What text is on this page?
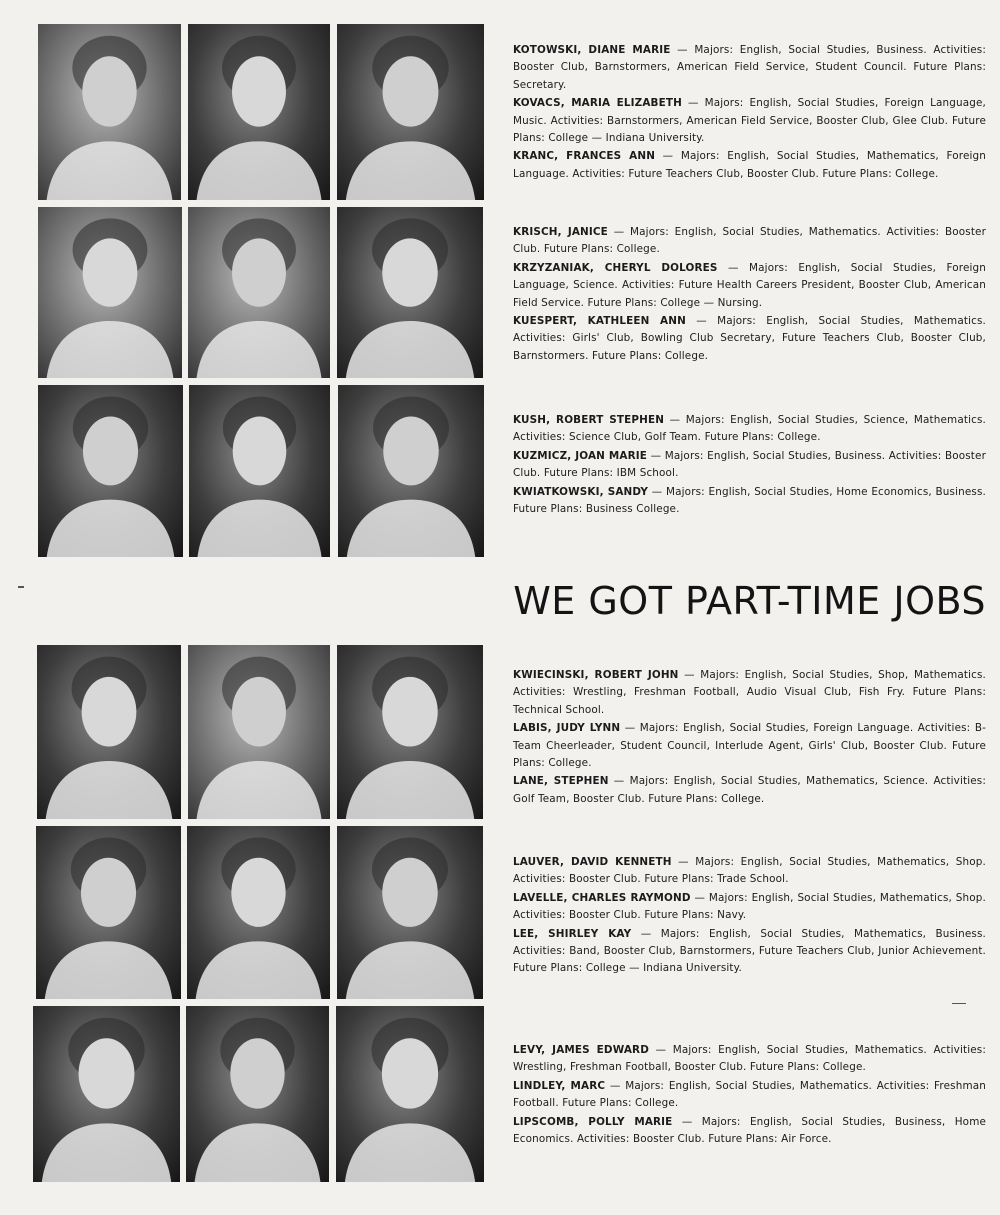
KOTOWSKI, DIANE MARIE — Majors: English, Social Studies, Business. Activities: Booster Club, Barnstormers, American Field Service, Student Council. Future Plans: Secretary.
KOVACS, MARIA ELIZABETH — Majors: English, Social Studies, Foreign Language, Music. Activities: Barnstormers, American Field Service, Booster Club, Glee Club. Future Plans: College — Indiana University.
KRANC, FRANCES ANN — Majors: English, Social Studies, Mathematics, Foreign Language. Activities: Future Teachers Club, Booster Club. Future Plans: College.
KRISCH, JANICE — Majors: English, Social Studies, Mathematics. Activities: Booster Club. Future Plans: College.
KRZYZANIAK, CHERYL DOLORES — Majors: English, Social Studies, Foreign Language, Science. Activities: Future Health Careers President, Booster Club, American Field Service. Future Plans: College — Nursing.
KUESPERT, KATHLEEN ANN — Majors: English, Social Studies, Mathematics. Activities: Girls' Club, Bowling Club Secretary, Future Teachers Club, Booster Club, Barnstormers. Future Plans: College.
KUSH, ROBERT STEPHEN — Majors: English, Social Studies, Science, Mathematics. Activities: Science Club, Golf Team. Future Plans: College.
KUZMICZ, JOAN MARIE — Majors: English, Social Studies, Business. Activities: Booster Club. Future Plans: IBM School.
KWIATKOWSKI, SANDY — Majors: English, Social Studies, Home Economics, Business. Future Plans: Business College.
WE GOT PART-TIME JOBS
KWIECINSKI, ROBERT JOHN — Majors: English, Social Studies, Shop, Mathematics. Activities: Wrestling, Freshman Football, Audio Visual Club, Fish Fry. Future Plans: Technical School.
LABIS, JUDY LYNN — Majors: English, Social Studies, Foreign Language. Activities: B-Team Cheerleader, Student Council, Interlude Agent, Girls' Club, Booster Club. Future Plans: College.
LANE, STEPHEN — Majors: English, Social Studies, Mathematics, Science. Activities: Golf Team, Booster Club. Future Plans: College.
LAUVER, DAVID KENNETH — Majors: English, Social Studies, Mathematics, Shop. Activities: Booster Club. Future Plans: Trade School.
LAVELLE, CHARLES RAYMOND — Majors: English, Social Studies, Mathematics, Shop. Activities: Booster Club. Future Plans: Navy.
LEE, SHIRLEY KAY — Majors: English, Social Studies, Mathematics, Business. Activities: Band, Booster Club, Barnstormers, Future Teachers Club, Junior Achievement. Future Plans: College — Indiana University.
LEVY, JAMES EDWARD — Majors: English, Social Studies, Mathematics. Activities: Wrestling, Freshman Football, Booster Club. Future Plans: College.
LINDLEY, MARC — Majors: English, Social Studies, Mathematics. Activities: Freshman Football. Future Plans: College.
LIPSCOMB, POLLY MARIE — Majors: English, Social Studies, Business, Home Economics. Activities: Booster Club. Future Plans: Air Force.
